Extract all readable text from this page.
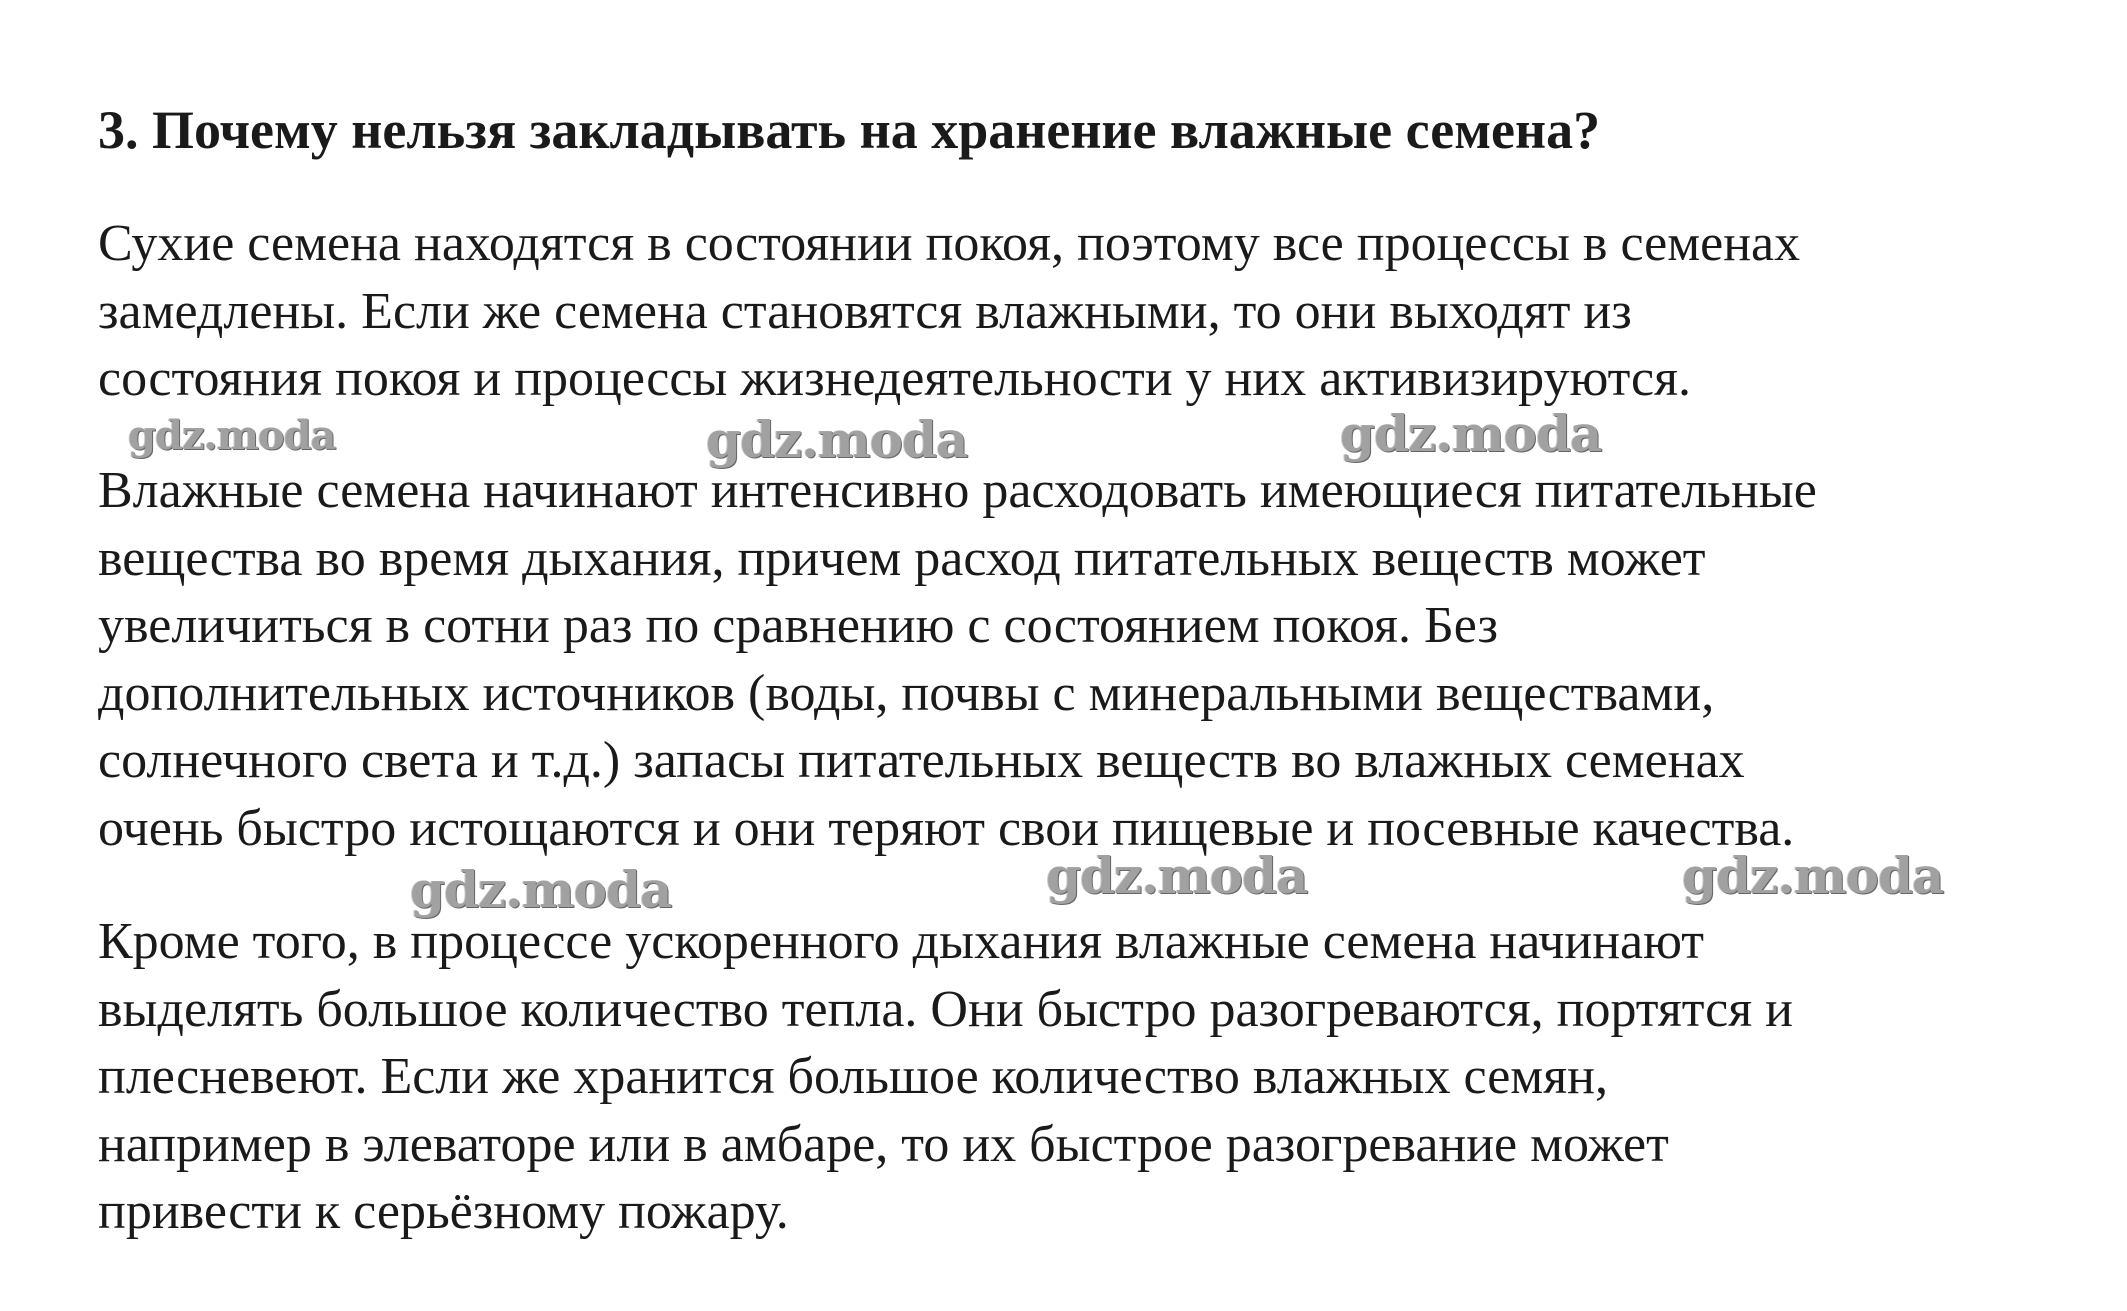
3. Почему нельзя закладывать на хранение влажные семена?

Сухие семена находятся в состоянии покоя, поэтому все процессы в семенах
замедлены. Если же семена становятся влажными, то они выходят из
состояния покоя и процессы жизнедеятельности у них активизируются.

Влажные семена начинают интенсивно расходовать имеющиеся питательные
вещества во время дыхания, причем расход питательных веществ может
увеличиться в сотни раз по сравнению с состоянием покоя. Без
дополнительных источников (воды, почвы с минеральными веществами,
солнечного света и т.д.) запасы питательных веществ во влажных семенах
очень быстро истощаются и они теряют свои пищевые и посевные качества.

Кроме того, в процессе ускоренного дыхания влажные семена начинают
выделять большое количество тепла. Они быстро разогреваются, портятся и
плесневеют. Если же хранится большое количество влажных семян,
например в элеваторе или в амбаре, то их быстрое разогревание может
привести к серьёзному пожару.

gdz.moda	gdz.moda	gdz.moda
gdz.moda	gdz.moda	gdz.moda
